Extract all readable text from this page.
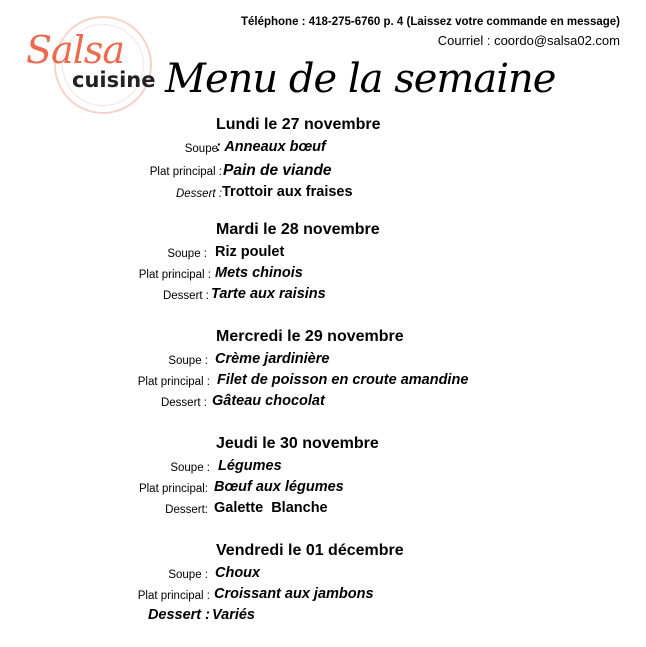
Téléphone : 418-275-6760 p. 4 (Laissez votre commande en message)
Courriel : coordo@salsa02.com
Salsa
cuisine Menu de la semaine
Lundi le 27 novembre
Soupe
: Anneaux bœuf
Plat principal : Pain de viande
Dessert : Trottoir aux fraises
Mardi le 28 novembre
Soupe : Riz poulet
Plat principal : Mets chinois
Dessert : Tarte aux raisins
Mercredi le 29 novembre
Soupe : Crème jardinière
Plat principal : Filet de poisson en croute amandine
Dessert : Gâteau chocolat
Jeudi le 30 novembre
Soupe : Légumes
Plat principal: Bœuf aux légumes
Dessert: Galette  Blanche
Vendredi le 01 décembre
Soupe : Choux
Plat principal : Croissant aux jambons
Dessert : Variés
